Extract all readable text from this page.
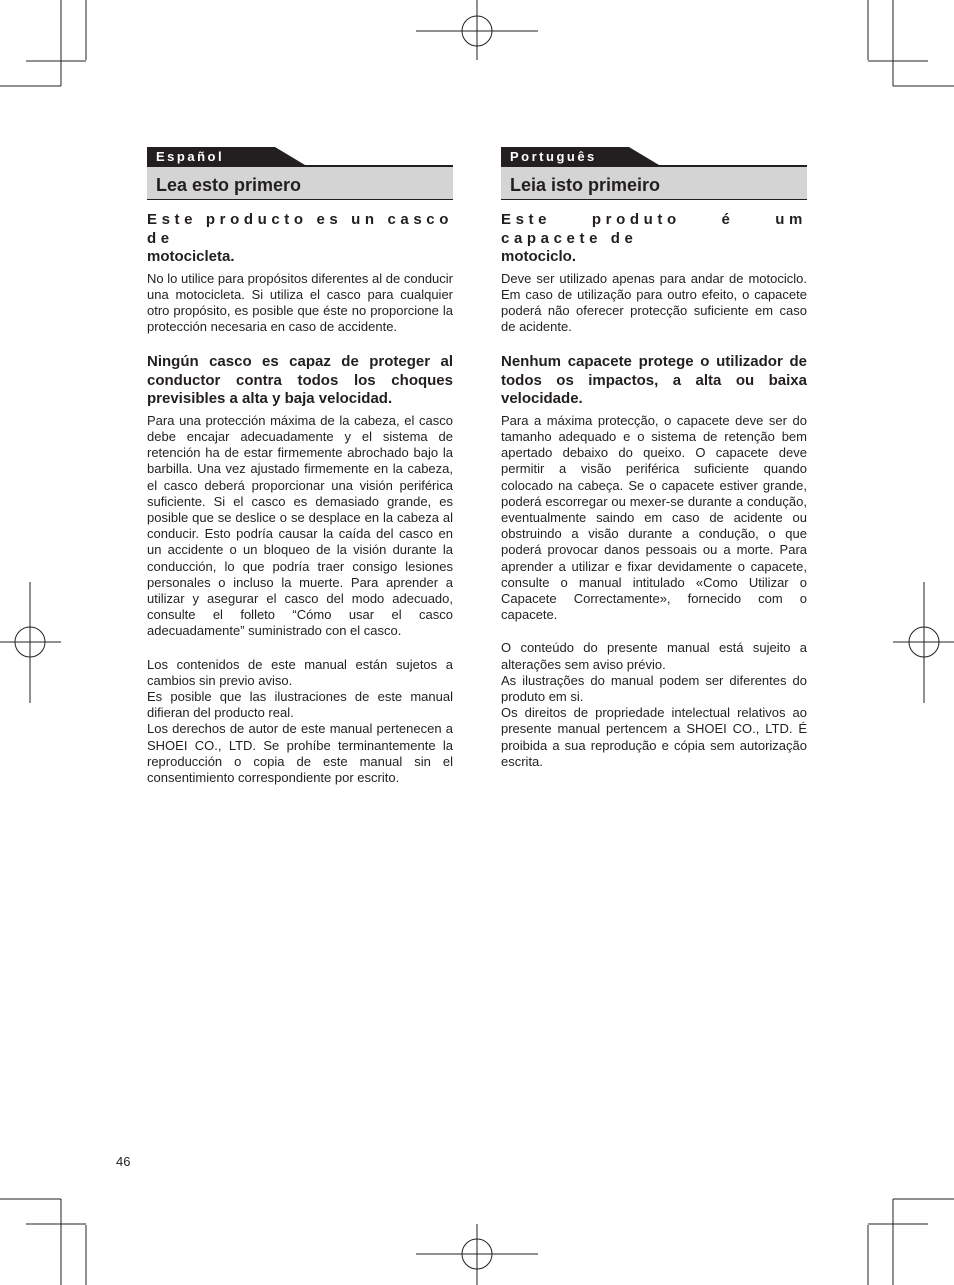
Español
Lea esto primero
Este producto es un casco de
motocicleta.

No lo utilice para propósitos diferentes al de conducir una motocicleta. Si utiliza el casco para cualquier otro propósito, es posible que éste no proporcione la protección necesaria en caso de accidente.

Ningún casco es capaz de proteger al conductor contra todos los choques previsibles a alta y baja velocidad.

Para una protección máxima de la cabeza, el casco debe encajar adecuadamente y el sistema de retención ha de estar firmemente abrochado bajo la barbilla. Una vez ajustado firmemente en la cabeza, el casco deberá proporcionar una visión periférica suficiente. Si el casco es demasiado grande, es posible que se deslice o se desplace en la cabeza al conducir. Esto podría causar la caída del casco en un accidente o un bloqueo de la visión durante la conducción, lo que podría traer consigo lesiones personales o incluso la muerte. Para aprender a utilizar y asegurar el casco del modo adecuado, consulte el folleto “Cómo usar el casco adecuadamente” suministrado con el casco.

Los contenidos de este manual están sujetos a cambios sin previo aviso.

Es posible que las ilustraciones de este manual difieran del producto real.

Los derechos de autor de este manual pertenecen a SHOEI CO., LTD. Se prohíbe terminantemente la reproducción o copia de este manual sin el consentimiento correspondiente por escrito.

Português
Leia isto primeiro
Este produto é um capacete de
motociclo.

Deve ser utilizado apenas para andar de motociclo. Em caso de utilização para outro efeito, o capacete poderá não oferecer protecção suficiente em caso de acidente.

Nenhum capacete protege o utilizador de todos os impactos, a alta ou baixa velocidade.

Para a máxima protecção, o capacete deve ser do tamanho adequado e o sistema de retenção bem apertado debaixo do queixo. O capacete deve permitir a visão periférica suficiente quando colocado na cabeça. Se o capacete estiver grande, poderá escorregar ou mexer-se durante a condução, eventualmente saindo em caso de acidente ou obstruindo a visão durante a condução, o que poderá provocar danos pessoais ou a morte. Para aprender a utilizar e fixar devidamente o capacete, consulte o manual intitulado «Como Utilizar o Capacete Correctamente», fornecido com o capacete.

O conteúdo do presente manual está sujeito a alterações sem aviso prévio.

As ilustrações do manual podem ser diferentes do produto em si.

Os direitos de propriedade intelectual relativos ao presente manual pertencem a SHOEI CO., LTD. É proibida a sua reprodução e cópia sem autorização escrita.

46
